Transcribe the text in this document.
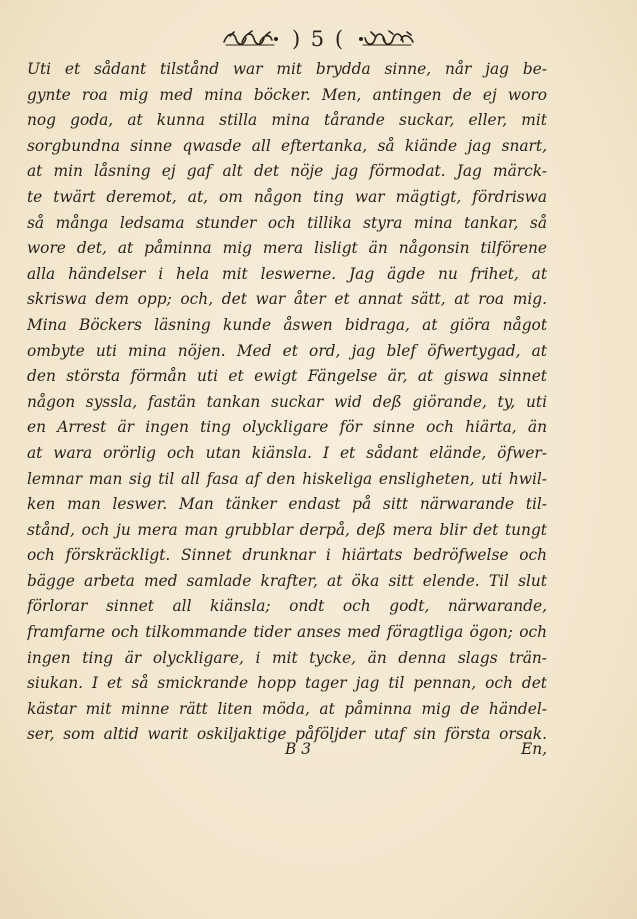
) 5 (
Uti et sådant tilstånd war mit brydda sinne, når jag be-
gynte roa mig med mina böcker. Men, antingen de ej woro
nog goda, at kunna stilla mina tårande suckar, eller, mit
sorgbundna sinne qwasde all eftertanka, så kiände jag snart,
at min låsning ej gaf alt det nöje jag förmodat. Jag märck-
te twärt deremot, at, om någon ting war mägtigt, fördriswa
så många ledsama stunder och tillika styra mina tankar, så
wore det, at påminna mig mera lisligt än någonsin tilförene
alla händelser i hela mit leswerne. Jag ägde nu frihet, at
skriswa dem opp; och, det war åter et annat sätt, at roa mig.
Mina Böckers läsning kunde åswen bidraga, at giöra något
ombyte uti mina nöjen. Med et ord, jag blef öfwertygad, at
den största förmån uti et ewigt Fängelse är, at giswa sinnet
någon syssla, fastän tankan suckar wid deß giörande, ty, uti
en Arrest är ingen ting olyckligare för sinne och hiärta, än
at wara orörlig och utan kiänsla. I et sådant elände, öfwer-
lemnar man sig til all fasa af den hiskeliga ensligheten, uti hwil-
ken man leswer. Man tänker endast på sitt närwarande til-
stånd, och ju mera man grubblar derpå, deß mera blir det tungt
och förskräckligt. Sinnet drunknar i hiärtats bedröfwelse och
bägge arbeta med samlade krafter, at öka sitt elende. Til slut
förlorar sinnet all kiänsla; ondt och godt, närwarande,
framfarne och tilkommande tider anses med föragtliga ögon; och
ingen ting är olyckligare, i mit tycke, än denna slags trän-
siukan. I et så smickrande hopp tager jag til pennan, och det
kästar mit minne rätt liten möda, at påminna mig de händel-
ser, som altid warit oskiljaktige påföljder utaf sin första orsak.
B 3	En,
